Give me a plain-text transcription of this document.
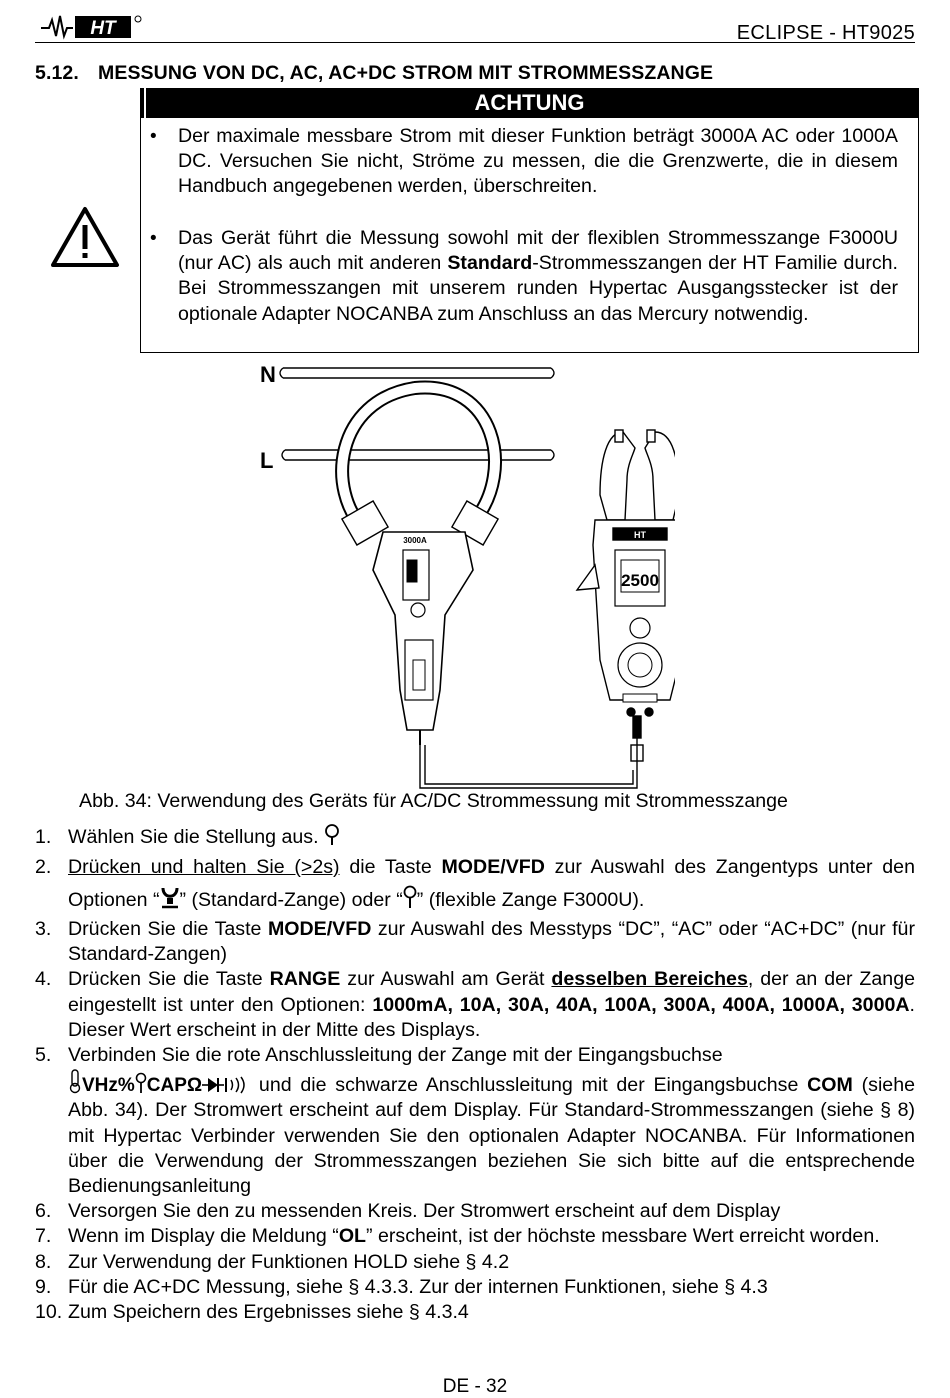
HT	ECLIPSE - HT9025
5.12. MESSUNG VON DC, AC, AC+DC STROM MIT STROMMESSZANGE
ACHTUNG
• Der maximale messbare Strom mit dieser Funktion beträgt 3000A AC oder 1000A DC. Versuchen Sie nicht, Ströme zu messen, die die Grenzwerte, die in diesem Handbuch angegebenen werden, überschreiten.
• Das Gerät führt die Messung sowohl mit der flexiblen Strommesszange F3000U (nur AC) als auch mit anderen Standard-Strommesszangen der HT Familie durch. Bei Strommesszangen mit unserem runden Hypertac Ausgangsstecker ist der optionale Adapter NOCANBA zum Anschluss an das Mercury notwendig.
N
L
3000A
2500
HT
Abb. 34: Verwendung des Geräts für AC/DC Strommessung mit Strommesszange
1. Wählen Sie die Stellung aus.
2. Drücken und halten Sie (>2s) die Taste MODE/VFD zur Auswahl des Zangentyps unter den Optionen “ ” (Standard-Zange) oder “ ” (flexible Zange F3000U).
3. Drücken Sie die Taste MODE/VFD zur Auswahl des Messtyps “DC”, “AC” oder “AC+DC” (nur für Standard-Zangen)
4. Drücken Sie die Taste RANGE zur Auswahl am Gerät desselben Bereiches, der an der Zange eingestellt ist unter den Optionen: 1000mA, 10A, 30A, 40A, 100A, 300A, 400A, 1000A, 3000A. Dieser Wert erscheint in der Mitte des Displays.
5. Verbinden Sie die rote Anschlussleitung der Zange mit der Eingangsbuchse
VHz% CAPΩ und die schwarze Anschlussleitung mit der Eingangsbuchse COM (siehe Abb. 34). Der Stromwert erscheint auf dem Display. Für Standard-Strommesszangen (siehe § 8) mit Hypertac Verbinder verwenden Sie den optionalen Adapter NOCANBA. Für Informationen über die Verwendung der Strommesszangen beziehen Sie sich bitte auf die entsprechende Bedienungsanleitung
6. Versorgen Sie den zu messenden Kreis. Der Stromwert erscheint auf dem Display
7. Wenn im Display die Meldung “OL” erscheint, ist der höchste messbare Wert erreicht worden.
8. Zur Verwendung der Funktionen HOLD siehe § 4.2
9. Für die AC+DC Messung, siehe § 4.3.3. Zur der internen Funktionen, siehe § 4.3
10. Zum Speichern des Ergebnisses siehe § 4.3.4
DE - 32
